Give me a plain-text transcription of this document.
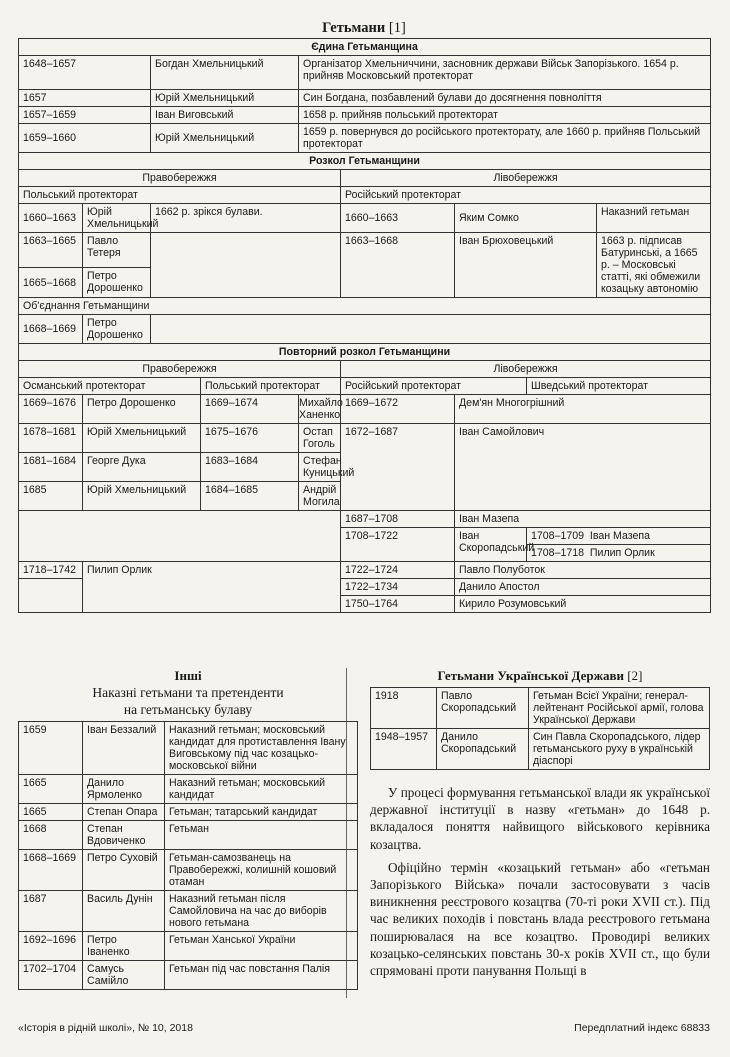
Гетьмани [1]
Єдина Гетьманщина								
1648–1657		Богдан Хмельницький		Організатор Хмельниччини, засновник держави Військ Запорізького. 1654 р. прийняв Московський протекторат				
1657		Юрій Хмельницький		Син Богдана, позбавлений булави до досягнення повноліття				
1657–1659		Іван Виговський		1658 р. прийняв польський протекторат				
1659–1660		Юрій Хмельницький		1659 р. повернувся до російського протекторату, але 1660 р. прийняв Польський протекторат				
Розкол Гетьманщини								
Правобережжя					Лівобережжя			
Польський протекторат					Російський протекторат			
1660–1663	Юрій Хмельницький	1662 р. зрікся булави.			1660–1663	Яким Сомко		Наказний гетьман
1663–1665	Павло Тетеря				1663–1668	Іван Брюховецький		1663 р. підписав Батуринські, а 1665 р. – Московські статті, які обмежили козацьку автономію
1665–1668	Петро Дорошенко							
Об'єднання Гетьманщини								
1668–1669	Петро Дорошенко							
Повторний розкол Гетьманщини								
Правобережжя					Лівобережжя			
Османський протекторат			Польський протекторат		Російський протекторат		Шведський протекторат	
1669–1676	Петро Дорошенко		1669–1674	Михайло Ханенко	1669–1672	Дем'ян Многогрішний		
1678–1681	Юрій Хмельницький		1675–1676	Остап Гоголь	1672–1687	Іван Самойлович		
1681–1684	Георге Дука		1683–1684	Стефан Куницький				
1685	Юрій Хмельницький		1684–1685	Андрій Могила				
					1687–1708	Іван Мазепа		
					1708–1722	Іван Скоропадський	1708–1709 Іван Мазепа	
							1708–1718 Пилип Орлик	
1718–1742	Пилип Орлик				1722–1724	Павло Полуботок		
					1722–1734	Данило Апостол		
					1750–1764	Кирило Розумовський		
Інші
Наказні гетьмани та претенденти
на гетьманську булаву
1659	Іван Беззалий	Наказний гетьман; московський кандидат для протиставлення Івану Виговському під час козацько-московської війни
1665	Данило Ярмоленко	Наказний гетьман; московський кандидат
1665	Степан Опара	Гетьман; татарський кандидат
1668	Степан Вдовиченко	Гетьман
1668–1669	Петро Суховій	Гетьман-самозванець на Правобережжі, колишній кошовий отаман
1687	Василь Дунін	Наказний гетьман після Самойловича на час до виборів нового гетьмана
1692–1696	Петро Іваненко	Гетьман Ханської України
1702–1704	Самусь Самійло	Гетьман під час повстання Палія
Гетьмани Української Держави [2]
1918	Павло Скоропадський	Гетьман Всієї України; генерал-лейтенант Російської армії, голова Української Держави
1948–1957	Данило Скоропадський	Син Павла Скоропадського, лідер гетьманського руху в українській діаспорі

У процесі формування гетьманської влади як української державної інституції в назву «гетьман» до 1648 р. вкладалося поняття найвищого військового керівника козацтва.

Офіційно термін «козацький гетьман» або «гетьман Запорізького Війська» почали застосовувати з часів виникнення реєстрового козацтва (70-ті роки XVII ст.). Під час великих походів і повстань влада реєстрового гетьмана поширювалася на все козацтво. Проводирі великих козацько-селянських повстань 30-х років XVII ст., що були спрямовані проти панування Польщі в

«Історія в рідній школі», № 10, 2018	Передплатний індекс 68833
